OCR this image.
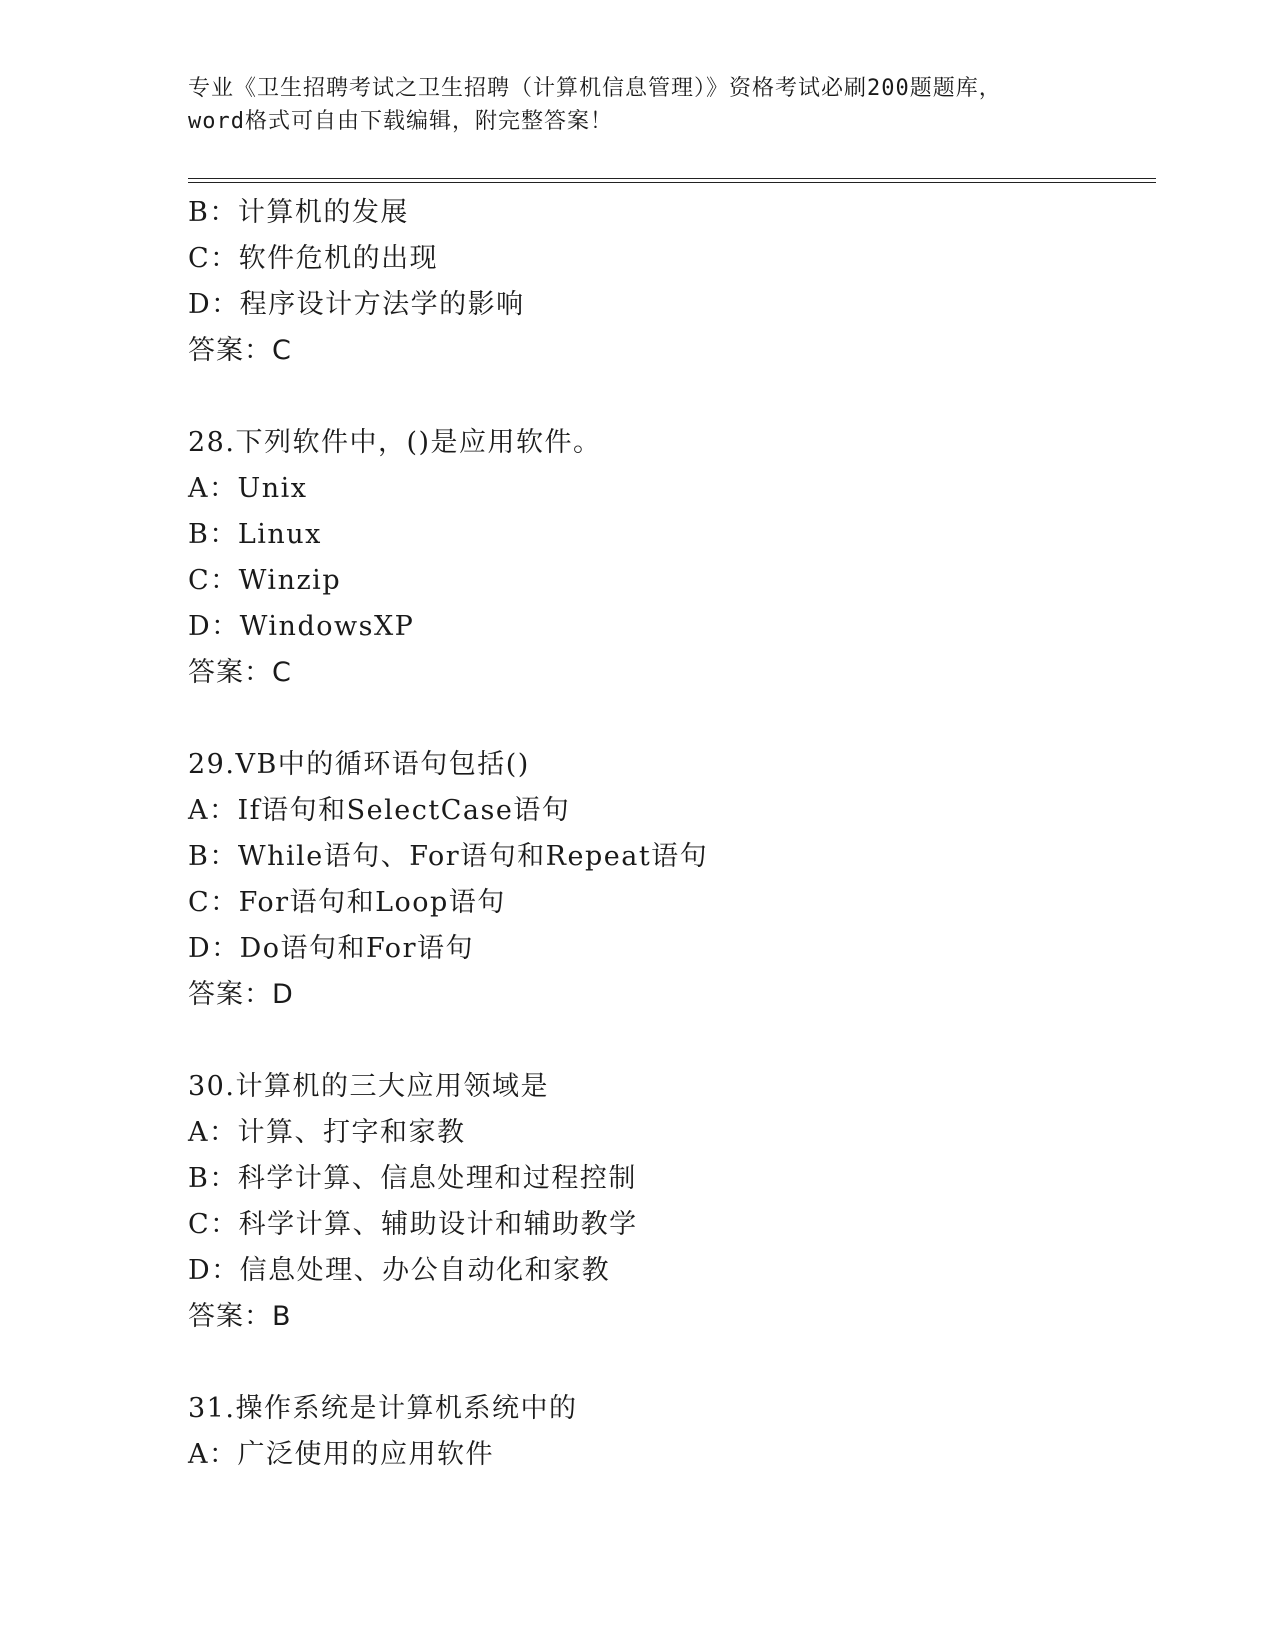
专业《卫生招聘考试之卫生招聘（计算机信息管理）》资格考试必刷200题题库，
word格式可自由下载编辑，附完整答案！
B：计算机的发展
C：软件危机的出现
D：程序设计方法学的影响
答案：C
28.下列软件中，()是应用软件。
A：Unix
B：Linux
C：Winzip
D：WindowsXP
答案：C
29.VB中的循环语句包括()
A：If语句和SelectCase语句
B：While语句、For语句和Repeat语句
C：For语句和Loop语句
D：Do语句和For语句
答案：D
30.计算机的三大应用领域是
A：计算、打字和家教
B：科学计算、信息处理和过程控制
C：科学计算、辅助设计和辅助教学
D：信息处理、办公自动化和家教
答案：B
31.操作系统是计算机系统中的
A：广泛使用的应用软件
